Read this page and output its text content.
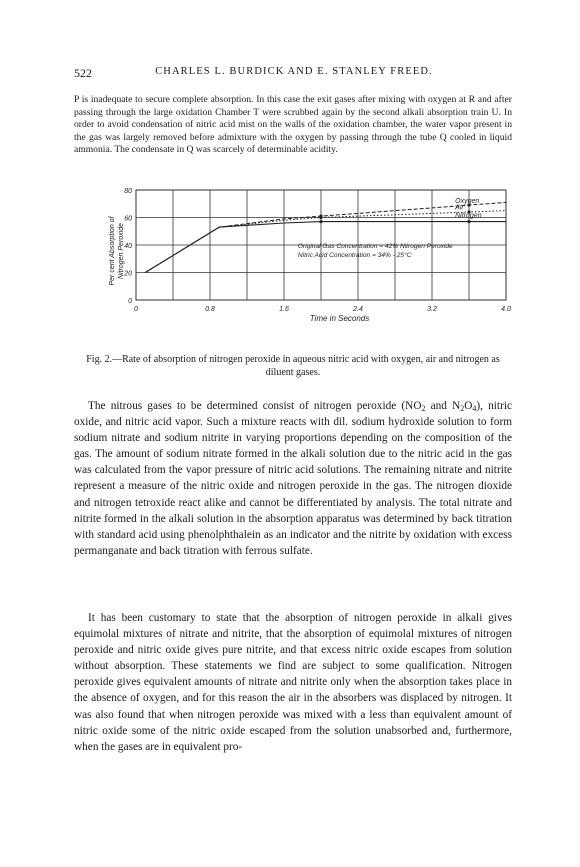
522	CHARLES L. BURDICK AND E. STANLEY FREED.

P is inadequate to secure complete absorption. In this case the exit gases after mixing with oxygen at R and after passing through the large oxidation Chamber T were scrubbed again by the second alkali absorption train U. In order to avoid condensation of nitric acid mist on the walls of the oxidation chamber, the water vapor present in the gas was largely removed before admixture with the oxygen by passing through the tube Q cooled in liquid ammonia. The condensate in Q was scarcely of determinable acidity.

0	0.8	1.6	2.4	3.2	4.0
0
20
40
60
80
Time in Seconds
Per cent Absorption of Nitrogen Peroxide
Oxygen
Air
Nitrogen
Original Gas Concentration = 42% Nitrogen Peroxide
Nitric Acid Concentration = 34% - 25°C

Fig. 2.—Rate of absorption of nitrogen peroxide in aqueous nitric acid with oxygen, air and nitrogen as diluent gases.

The nitrous gases to be determined consist of nitrogen peroxide ($NO_2$ and $N_2O_4$), nitric oxide, and nitric acid vapor. Such a mixture reacts with dil. sodium hydroxide solution to form sodium nitrate and sodium nitrite in varying proportions depending on the composition of the gas. The amount of sodium nitrate formed in the alkali solution due to the nitric acid in the gas was calculated from the vapor pressure of nitric acid solutions. The remaining nitrate and nitrite represent a measure of the nitric oxide and nitrogen peroxide in the gas. The nitrogen dioxide and nitrogen tetroxide react alike and cannot be differentiated by analysis. The total nitrate and nitrite formed in the alkali solution in the absorption apparatus was determined by back titration with standard acid using phenolphthalein as an indicator and the nitrite by oxidation with excess permanganate and back titration with ferrous sulfate.

It has been customary to state that the absorption of nitrogen peroxide in alkali gives equimolal mixtures of nitrate and nitrite, that the absorption of equimolal mixtures of nitrogen peroxide and nitric oxide gives pure nitrite, and that excess nitric oxide escapes from solution without absorption. These statements we find are subject to some qualification. Nitrogen peroxide gives equivalent amounts of nitrate and nitrite only when the absorption takes place in the absence of oxygen, and for this reason the air in the absorbers was displaced by nitrogen. It was also found that when nitrogen peroxide was mixed with a less than equivalent amount of nitric oxide some of the nitric oxide escaped from the solution unabsorbed and, furthermore, when the gases are in equivalent pro-
